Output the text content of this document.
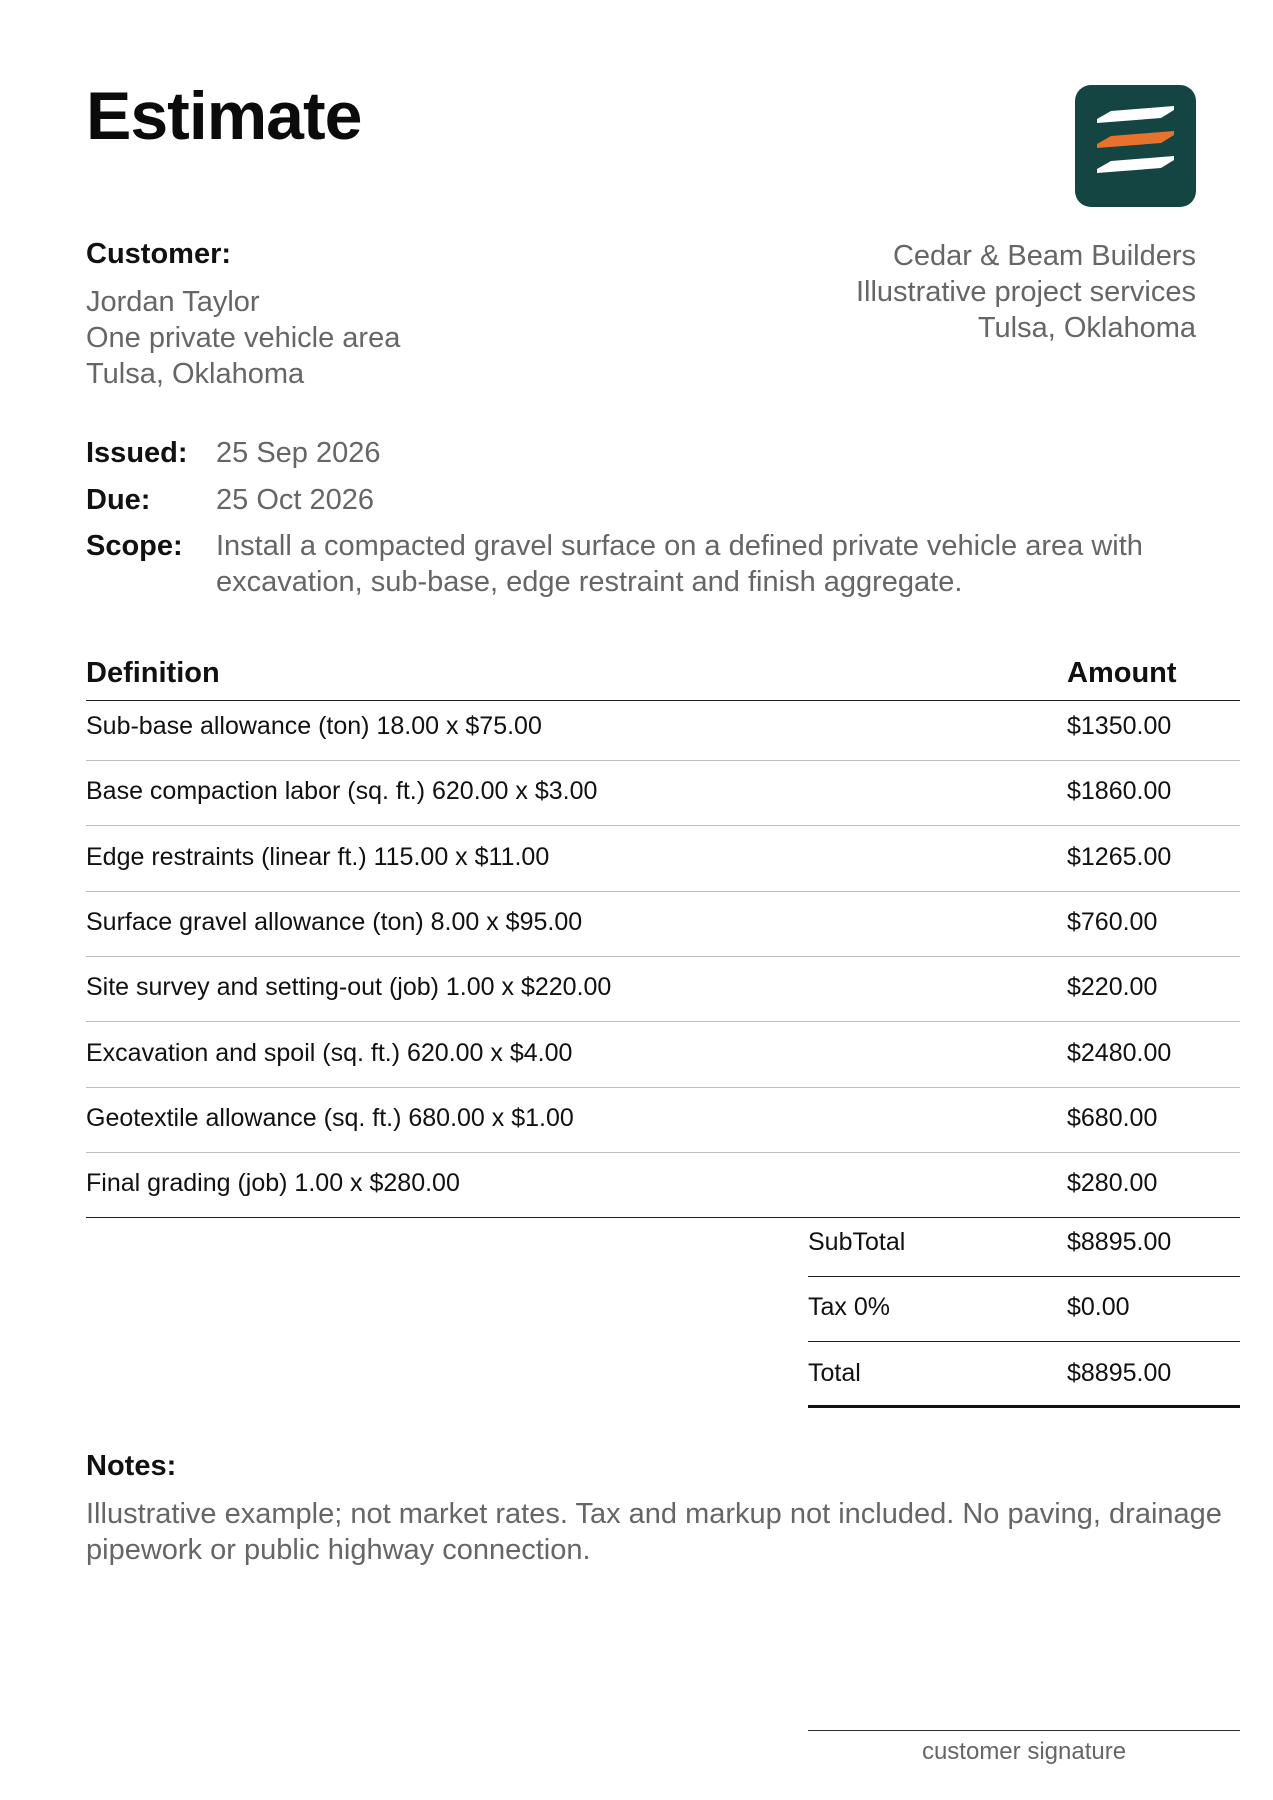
Estimate
Customer:
Jordan Taylor
One private vehicle area
Tulsa, Oklahoma
Cedar & Beam Builders
Illustrative project services
Tulsa, Oklahoma
Issued: 25 Sep 2026
Due: 25 Oct 2026
Scope: Install a compacted gravel surface on a defined private vehicle area with excavation, sub-base, edge restraint and finish aggregate.
Definition	Amount
Sub-base allowance (ton) 18.00 x $75.00	$1350.00
Base compaction labor (sq. ft.) 620.00 x $3.00	$1860.00
Edge restraints (linear ft.) 115.00 x $11.00	$1265.00
Surface gravel allowance (ton) 8.00 x $95.00	$760.00
Site survey and setting-out (job) 1.00 x $220.00	$220.00
Excavation and spoil (sq. ft.) 620.00 x $4.00	$2480.00
Geotextile allowance (sq. ft.) 680.00 x $1.00	$680.00
Final grading (job) 1.00 x $280.00	$280.00
SubTotal	$8895.00
Tax 0%	$0.00
Total	$8895.00
Notes:
Illustrative example; not market rates. Tax and markup not included. No paving, drainage pipework or public highway connection.
customer signature
